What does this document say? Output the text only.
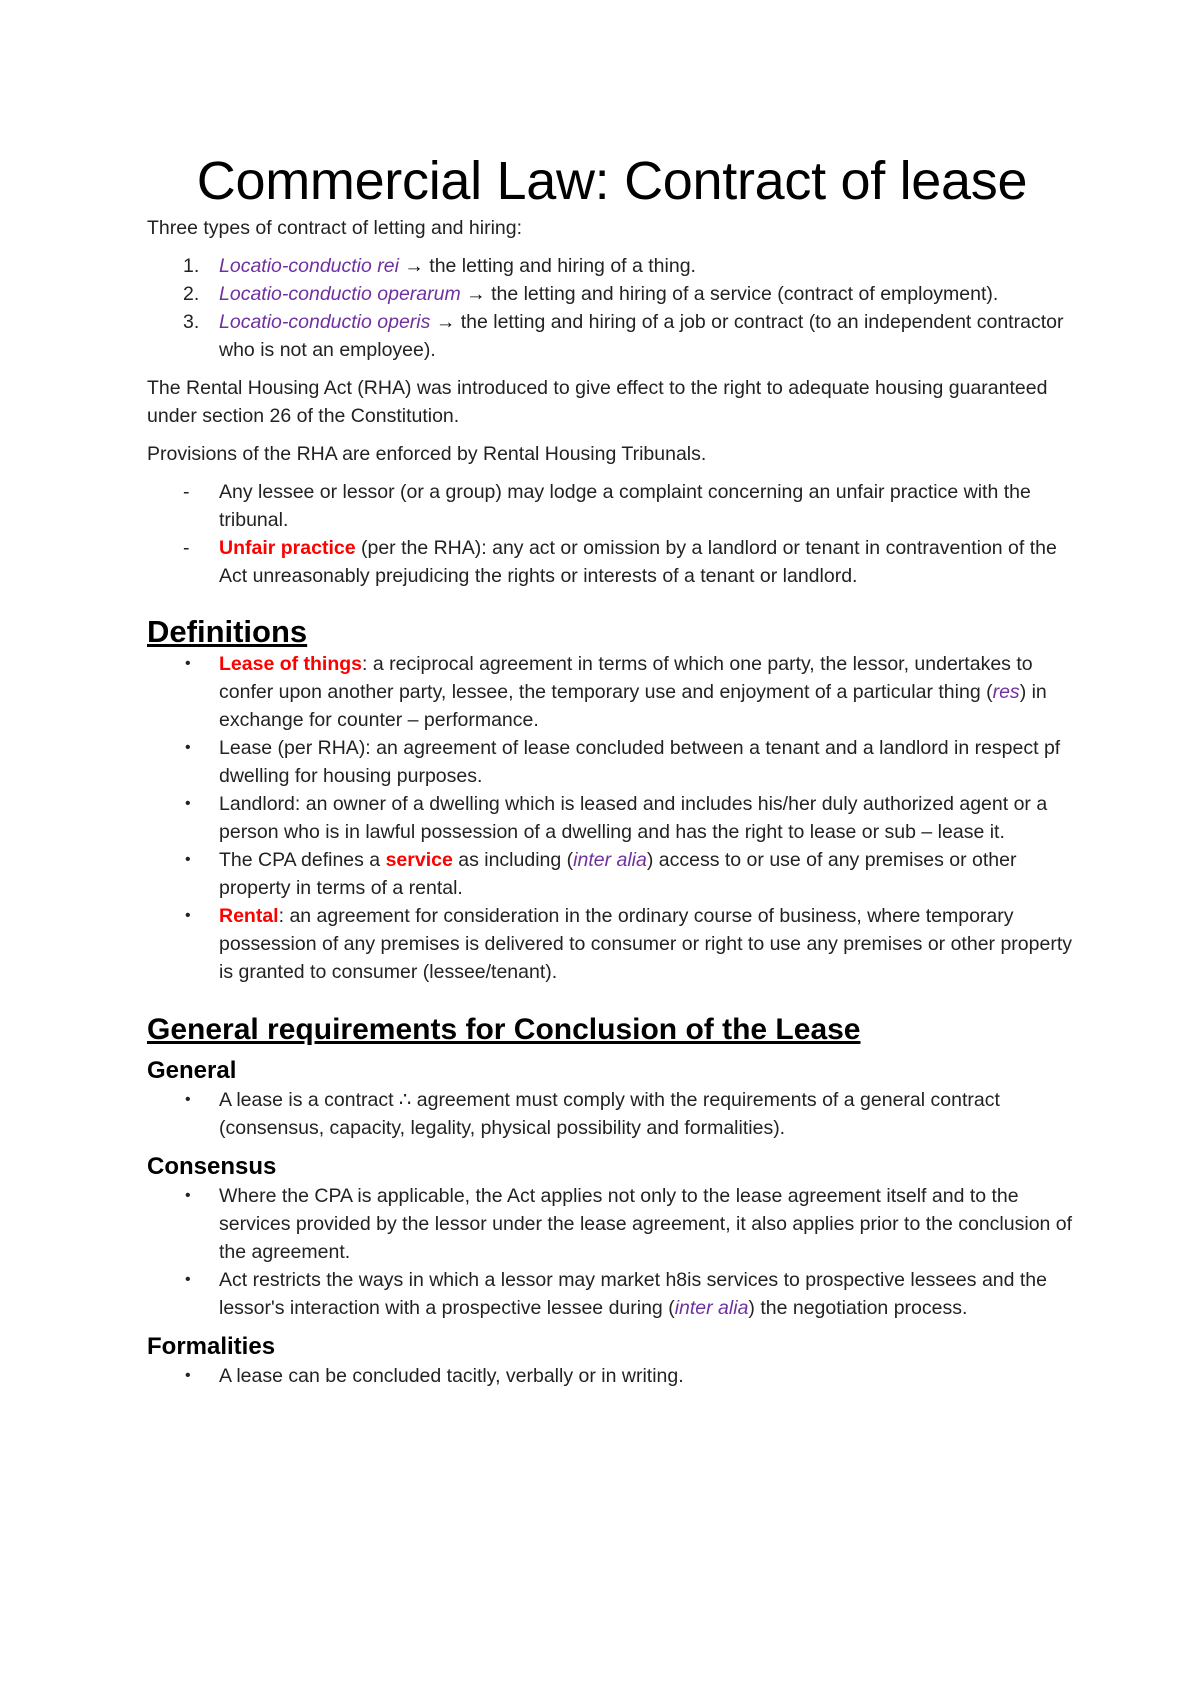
Commercial Law: Contract of lease

Three types of contract of letting and hiring:

1. Locatio-conductio rei → the letting and hiring of a thing.
2. Locatio-conductio operarum → the letting and hiring of a service (contract of employment).
3. Locatio-conductio operis → the letting and hiring of a job or contract (to an independent contractor who is not an employee).

The Rental Housing Act (RHA) was introduced to give effect to the right to adequate housing guaranteed under section 26 of the Constitution.

Provisions of the RHA are enforced by Rental Housing Tribunals.

- Any lessee or lessor (or a group) may lodge a complaint concerning an unfair practice with the tribunal.
- Unfair practice (per the RHA): any act or omission by a landlord or tenant in contravention of the Act unreasonably prejudicing the rights or interests of a tenant or landlord.
Definitions
• Lease of things: a reciprocal agreement in terms of which one party, the lessor, undertakes to confer upon another party, lessee, the temporary use and enjoyment of a particular thing (res) in exchange for counter – performance.
• Lease (per RHA): an agreement of lease concluded between a tenant and a landlord in respect pf dwelling for housing purposes.
• Landlord: an owner of a dwelling which is leased and includes his/her duly authorized agent or a person who is in lawful possession of a dwelling and has the right to lease or sub – lease it.
• The CPA defines a service as including (inter alia) access to or use of any premises or other property in terms of a rental.
• Rental: an agreement for consideration in the ordinary course of business, where temporary possession of any premises is delivered to consumer or right to use any premises or other property is granted to consumer (lessee/tenant).
General requirements for Conclusion of the Lease
General
• A lease is a contract ∴ agreement must comply with the requirements of a general contract (consensus, capacity, legality, physical possibility and formalities).
Consensus
• Where the CPA is applicable, the Act applies not only to the lease agreement itself and to the services provided by the lessor under the lease agreement, it also applies prior to the conclusion of the agreement.
• Act restricts the ways in which a lessor may market h8is services to prospective lessees and the lessor's interaction with a prospective lessee during (inter alia) the negotiation process.
Formalities
• A lease can be concluded tacitly, verbally or in writing.
